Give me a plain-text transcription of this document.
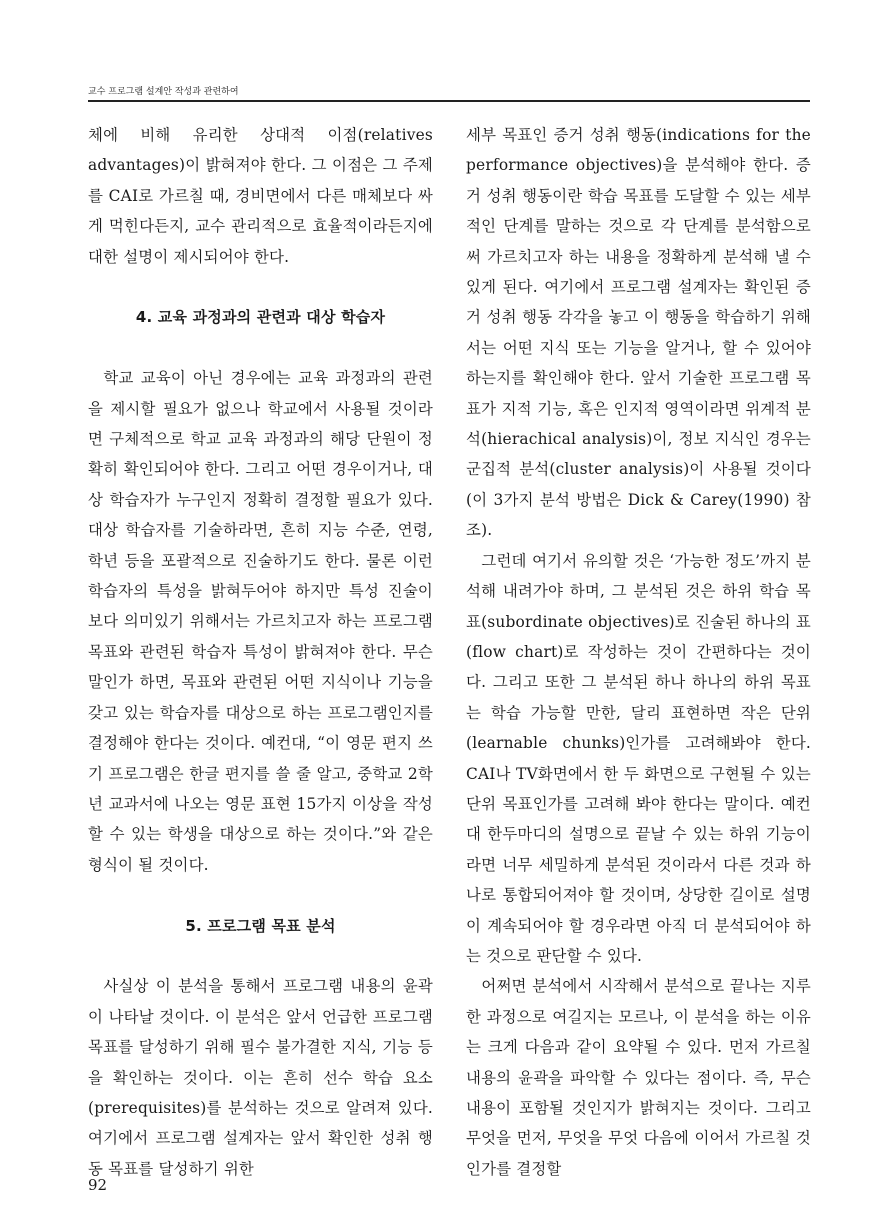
교수 프로그램 설계안 작성과 관련하여

체에 비해 유리한 상대적 이점(relatives advantages)이 밝혀져야 한다. 그 이점은 그 주제를 CAI로 가르칠 때, 경비면에서 다른 매체보다 싸게 먹힌다든지, 교수 관리적으로 효율적이라든지에 대한 설명이 제시되어야 한다.

4. 교육 과정과의 관련과 대상 학습자

학교 교육이 아닌 경우에는 교육 과정과의 관련을 제시할 필요가 없으나 학교에서 사용될 것이라면 구체적으로 학교 교육 과정과의 해당 단원이 정확히 확인되어야 한다. 그리고 어떤 경우이거나, 대상 학습자가 누구인지 정확히 결정할 필요가 있다. 대상 학습자를 기술하라면, 흔히 지능 수준, 연령, 학년 등을 포괄적으로 진술하기도 한다. 물론 이런 학습자의 특성을 밝혀두어야 하지만 특성 진술이 보다 의미있기 위해서는 가르치고자 하는 프로그램 목표와 관련된 학습자 특성이 밝혀져야 한다. 무슨 말인가 하면, 목표와 관련된 어떤 지식이나 기능을 갖고 있는 학습자를 대상으로 하는 프로그램인지를 결정해야 한다는 것이다. 예컨대, “이 영문 편지 쓰기 프로그램은 한글 편지를 쓸 줄 알고, 중학교 2학년 교과서에 나오는 영문 표현 15가지 이상을 작성할 수 있는 학생을 대상으로 하는 것이다.”와 같은 형식이 될 것이다.

5. 프로그램 목표 분석

사실상 이 분석을 통해서 프로그램 내용의 윤곽이 나타날 것이다. 이 분석은 앞서 언급한 프로그램 목표를 달성하기 위해 필수 불가결한 지식, 기능 등을 확인하는 것이다. 이는 흔히 선수 학습 요소(prerequisites)를 분석하는 것으로 알려져 있다. 여기에서 프로그램 설계자는 앞서 확인한 성취 행동 목표를 달성하기 위한

세부 목표인 증거 성취 행동(indications for the performance objectives)을 분석해야 한다. 증거 성취 행동이란 학습 목표를 도달할 수 있는 세부적인 단계를 말하는 것으로 각 단계를 분석함으로써 가르치고자 하는 내용을 정확하게 분석해 낼 수 있게 된다. 여기에서 프로그램 설계자는 확인된 증거 성취 행동 각각을 놓고 이 행동을 학습하기 위해서는 어떤 지식 또는 기능을 알거나, 할 수 있어야 하는지를 확인해야 한다. 앞서 기술한 프로그램 목표가 지적 기능, 혹은 인지적 영역이라면 위계적 분석(hierachical analysis)이, 정보 지식인 경우는 군집적 분석(cluster analysis)이 사용될 것이다(이 3가지 분석 방법은 Dick & Carey(1990) 참조).

그런데 여기서 유의할 것은 ‘가능한 정도’까지 분석해 내려가야 하며, 그 분석된 것은 하위 학습 목표(subordinate objectives)로 진술된 하나의 표(flow chart)로 작성하는 것이 간편하다는 것이다. 그리고 또한 그 분석된 하나 하나의 하위 목표는 학습 가능할 만한, 달리 표현하면 작은 단위(learnable chunks)인가를 고려해봐야 한다. CAI나 TV화면에서 한 두 화면으로 구현될 수 있는 단위 목표인가를 고려해 봐야 한다는 말이다. 예컨대 한두마디의 설명으로 끝날 수 있는 하위 기능이라면 너무 세밀하게 분석된 것이라서 다른 것과 하나로 통합되어져야 할 것이며, 상당한 길이로 설명이 계속되어야 할 경우라면 아직 더 분석되어야 하는 것으로 판단할 수 있다.

어쩌면 분석에서 시작해서 분석으로 끝나는 지루한 과정으로 여길지는 모르나, 이 분석을 하는 이유는 크게 다음과 같이 요약될 수 있다. 먼저 가르칠 내용의 윤곽을 파악할 수 있다는 점이다. 즉, 무슨 내용이 포함될 것인지가 밝혀지는 것이다. 그리고 무엇을 먼저, 무엇을 무엇 다음에 이어서 가르칠 것인가를 결정할

92
